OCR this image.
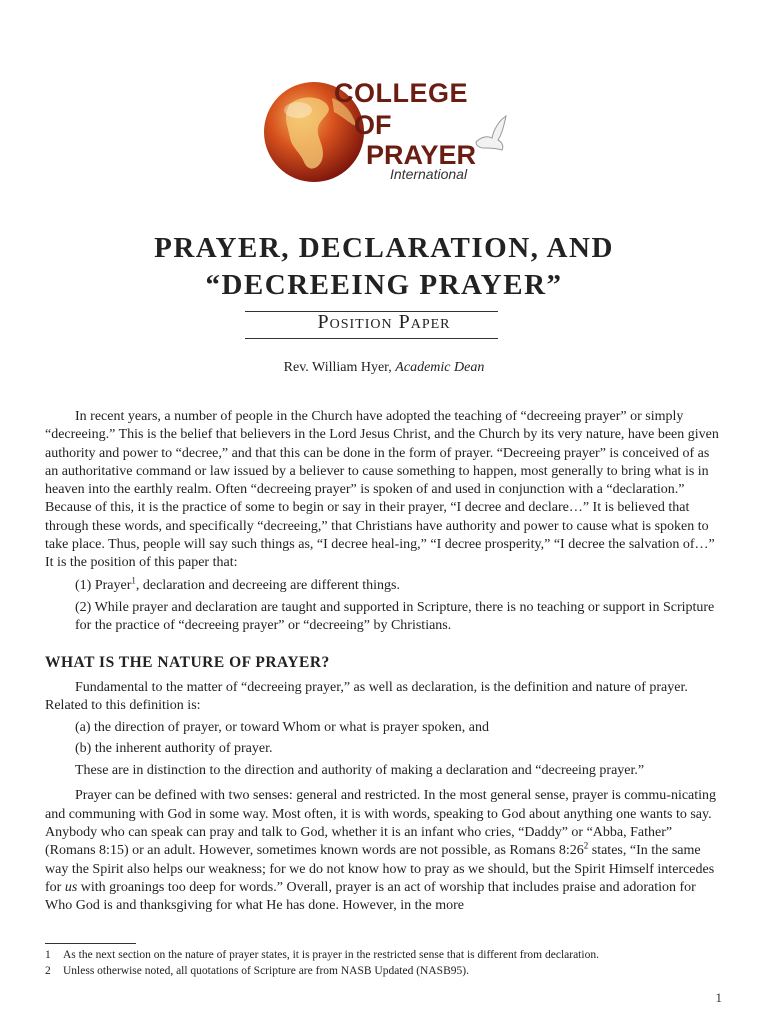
COLLEGE
OF
PRAYER
International
PRAYER, DECLARATION, AND
“DECREEING PRAYER”
Position Paper
Rev. William Hyer, Academic Dean

In recent years, a number of people in the Church have adopted the teaching of “decreeing prayer” or simply “decreeing.” This is the belief that believers in the Lord Jesus Christ, and the Church by its very nature, have been given authority and power to “decree,” and that this can be done in the form of prayer. “Decreeing prayer” is conceived of as an authoritative command or law issued by a believer to cause something to happen, most generally to bring what is in heaven into the earthly realm. Often “decreeing prayer” is spoken of and used in conjunction with a “declaration.” Because of this, it is the practice of some to begin or say in their prayer, “I decree and declare…” It is believed that through these words, and specifically “decreeing,” that Christians have authority and power to cause what is spoken to take place. Thus, people will say such things as, “I decree heal-ing,” “I decree prosperity,” “I decree the salvation of…” It is the position of this paper that:

(1) Prayer$^1$, declaration and decreeing are different things.

(2) While prayer and declaration are taught and supported in Scripture, there is no teaching or support in Scripture for the practice of “decreeing prayer” or “decreeing” by Christians.

WHAT IS THE NATURE OF PRAYER?

Fundamental to the matter of “decreeing prayer,” as well as declaration, is the definition and nature of prayer. Related to this definition is:

(a) the direction of prayer, or toward Whom or what is prayer spoken, and

(b) the inherent authority of prayer.

These are in distinction to the direction and authority of making a declaration and “decreeing prayer.”

Prayer can be defined with two senses: general and restricted. In the most general sense, prayer is commu-nicating and communing with God in some way. Most often, it is with words, speaking to God about anything one wants to say. Anybody who can speak can pray and talk to God, whether it is an infant who cries, “Daddy” or “Abba, Father” (Romans 8:15) or an adult. However, sometimes known words are not possible, as Romans 8:26$^2$ states, “In the same way the Spirit also helps our weakness; for we do not know how to pray as we should, but the Spirit Himself intercedes for us with groanings too deep for words.” Overall, prayer is an act of worship that includes praise and adoration for Who God is and thanksgiving for what He has done. However, in the more

1 As the next section on the nature of prayer states, it is prayer in the restricted sense that is different from declaration.
2 Unless otherwise noted, all quotations of Scripture are from NASB Updated (NASB95).
1
